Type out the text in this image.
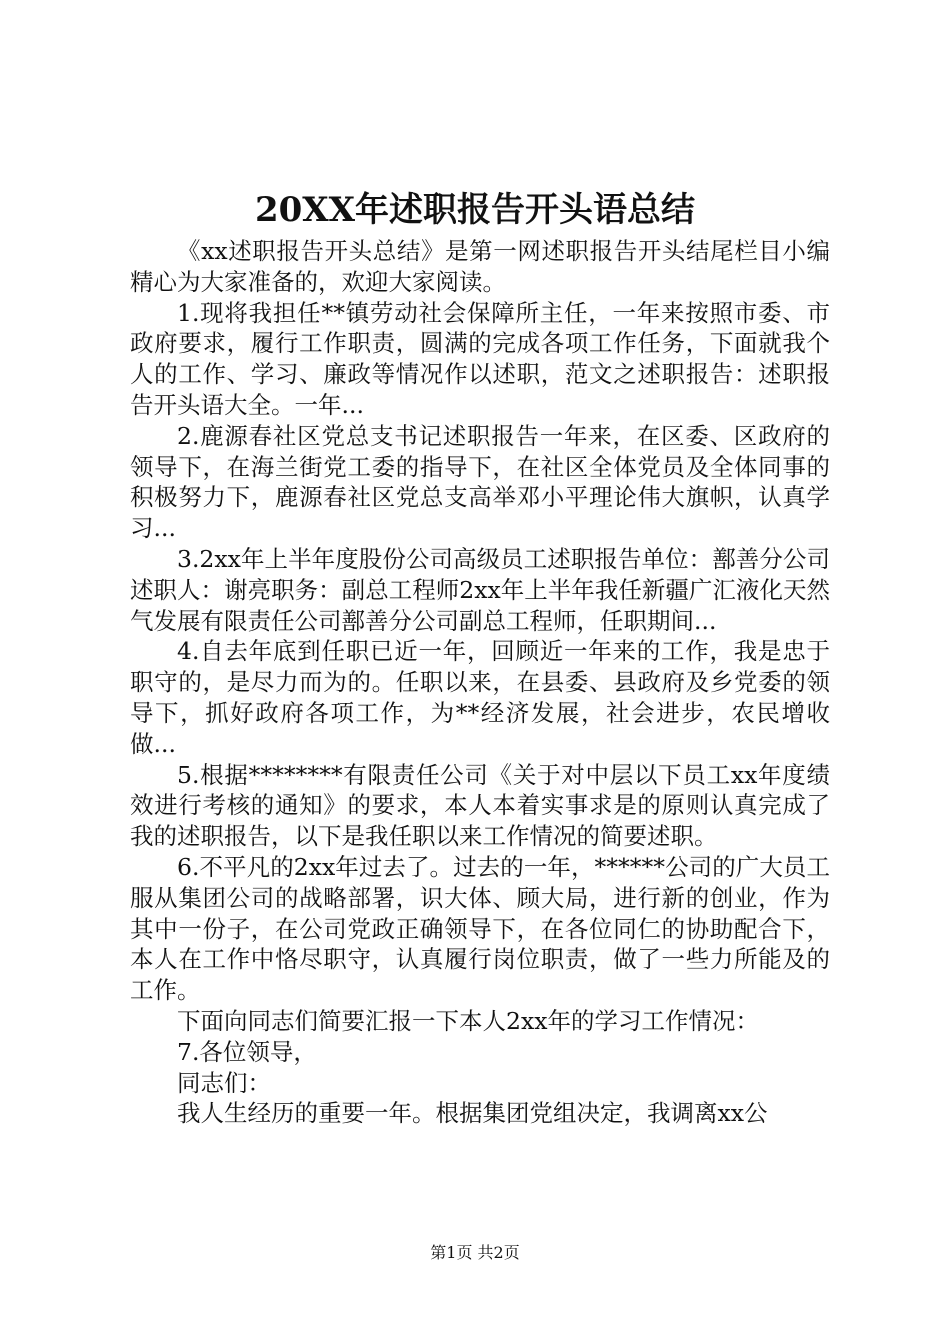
20XX年述职报告开头语总结

《xx述职报告开头总结》是第一网述职报告开头结尾栏目小编精心为大家准备的，欢迎大家阅读。

1.现将我担任**镇劳动社会保障所主任，一年来按照市委、市政府要求，履行工作职责，圆满的完成各项工作任务，下面就我个人的工作、学习、廉政等情况作以述职，范文之述职报告：述职报告开头语大全。一年...

2.鹿源春社区党总支书记述职报告一年来，在区委、区政府的领导下，在海兰街党工委的指导下，在社区全体党员及全体同事的积极努力下，鹿源春社区党总支高举邓小平理论伟大旗帜，认真学习...

3.2xx年上半年度股份公司高级员工述职报告单位：鄯善分公司述职人：谢亮职务：副总工程师2xx年上半年我任新疆广汇液化天然气发展有限责任公司鄯善分公司副总工程师，任职期间...

4.自去年底到任职已近一年，回顾近一年来的工作，我是忠于职守的，是尽力而为的。任职以来，在县委、县政府及乡党委的领导下，抓好政府各项工作，为**经济发展，社会进步，农民增收做...

5.根据********有限责任公司《关于对中层以下员工xx年度绩效进行考核的通知》的要求，本人本着实事求是的原则认真完成了我的述职报告，以下是我任职以来工作情况的简要述职。

6.不平凡的2xx年过去了。过去的一年，******公司的广大员工服从集团公司的战略部署，识大体、顾大局，进行新的创业，作为其中一份子，在公司党政正确领导下，在各位同仁的协助配合下，本人在工作中恪尽职守，认真履行岗位职责，做了一些力所能及的工作。

下面向同志们简要汇报一下本人2xx年的学习工作情况：

7.各位领导，

同志们：

我人生经历的重要一年。根据集团党组决定，我调离xx公

第1页 共2页
